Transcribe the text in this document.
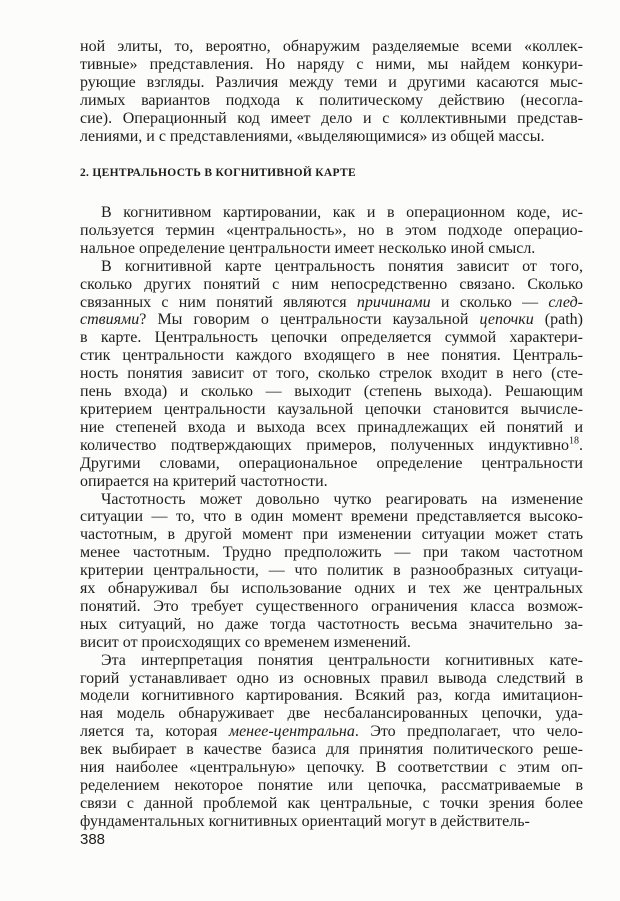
ной элиты, то, вероятно, обнаружим разделяемые всеми «коллек-
тивные» представления. Но наряду с ними, мы найдем конкури-
рующие взгляды. Различия между теми и другими касаются мыс-
лимых вариантов подхода к политическому действию (несогла-
сие). Операционный код имеет дело и с коллективными представ-
лениями, и с представлениями, «выделяющимися» из общей массы.
2. ЦЕНТРАЛЬНОСТЬ В КОГНИТИВНОЙ КАРТЕ
В когнитивном картировании, как и в операционном коде, ис-
пользуется термин «центральность», но в этом подходе операцио-
нальное определение центральности имеет несколько иной смысл.
В когнитивной карте центральность понятия зависит от того,
сколько других понятий с ним непосредственно связано. Сколько
связанных с ним понятий являются причинами и сколько — след-
ствиями? Мы говорим о центральности каузальной цепочки (path)
в карте. Центральность цепочки определяется суммой характери-
стик центральности каждого входящего в нее понятия. Централь-
ность понятия зависит от того, сколько стрелок входит в него (сте-
пень входа) и сколько — выходит (степень выхода). Решающим
критерием центральности каузальной цепочки становится вычисле-
ние степеней входа и выхода всех принадлежащих ей понятий и
количество подтверждающих примеров, полученных индуктивно$^{18}$.
Другими словами, операциональное определение центральности
опирается на критерий частотности.
Частотность может довольно чутко реагировать на изменение
ситуации — то, что в один момент времени представляется высоко-
частотным, в другой момент при изменении ситуации может стать
менее частотным. Трудно предположить — при таком частотном
критерии центральности, — что политик в разнообразных ситуаци-
ях обнаруживал бы использование одних и тех же центральных
понятий. Это требует существенного ограничения класса возмож-
ных ситуаций, но даже тогда частотность весьма значительно за-
висит от происходящих со временем изменений.
Эта интерпретация понятия центральности когнитивных кате-
горий устанавливает одно из основных правил вывода следствий в
модели когнитивного картирования. Всякий раз, когда имитацион-
ная модель обнаруживает две несбалансированных цепочки, уда-
ляется та, которая менее-центральна. Это предполагает, что чело-
век выбирает в качестве базиса для принятия политического реше-
ния наиболее «центральную» цепочку. В соответствии с этим оп-
ределением некоторое понятие или цепочка, рассматриваемые в
связи с данной проблемой как центральные, с точки зрения более
фундаментальных когнитивных ориентаций могут в действитель-
388
